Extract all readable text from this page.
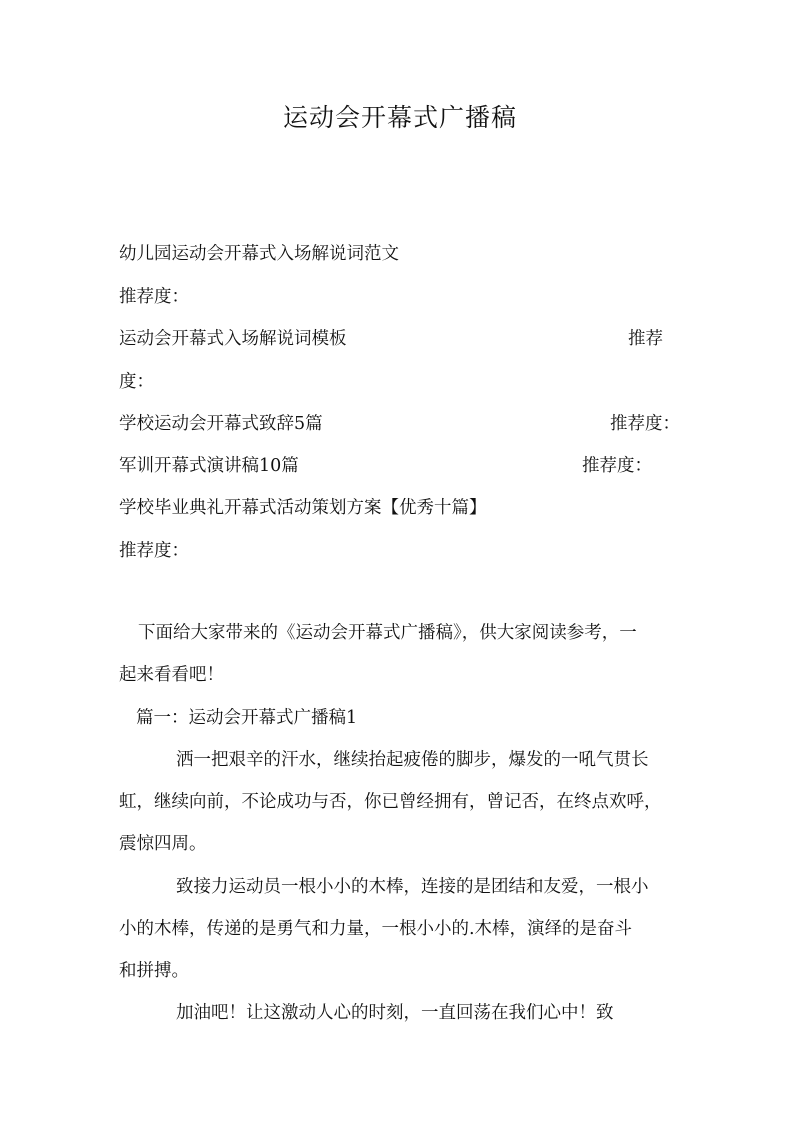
运动会开幕式广播稿
幼儿园运动会开幕式入场解说词范文
推荐度：
运动会开幕式入场解说词模板	推荐
度：
学校运动会开幕式致辞5篇	推荐度：
军训开幕式演讲稿10篇	推荐度：
学校毕业典礼开幕式活动策划方案【优秀十篇】
推荐度：
下面给大家带来的《运动会开幕式广播稿》，供大家阅读参考，一
起来看看吧！
篇一：运动会开幕式广播稿1
洒一把艰辛的汗水，继续抬起疲倦的脚步，爆发的一吼气贯长
虹，继续向前，不论成功与否，你已曾经拥有，曾记否，在终点欢呼，
震惊四周。
致接力运动员一根小小的木棒，连接的是团结和友爱，一根小
小的木棒，传递的是勇气和力量，一根小小的.木棒，演绎的是奋斗
和拼搏。
加油吧！让这激动人心的时刻，一直回荡在我们心中！致
